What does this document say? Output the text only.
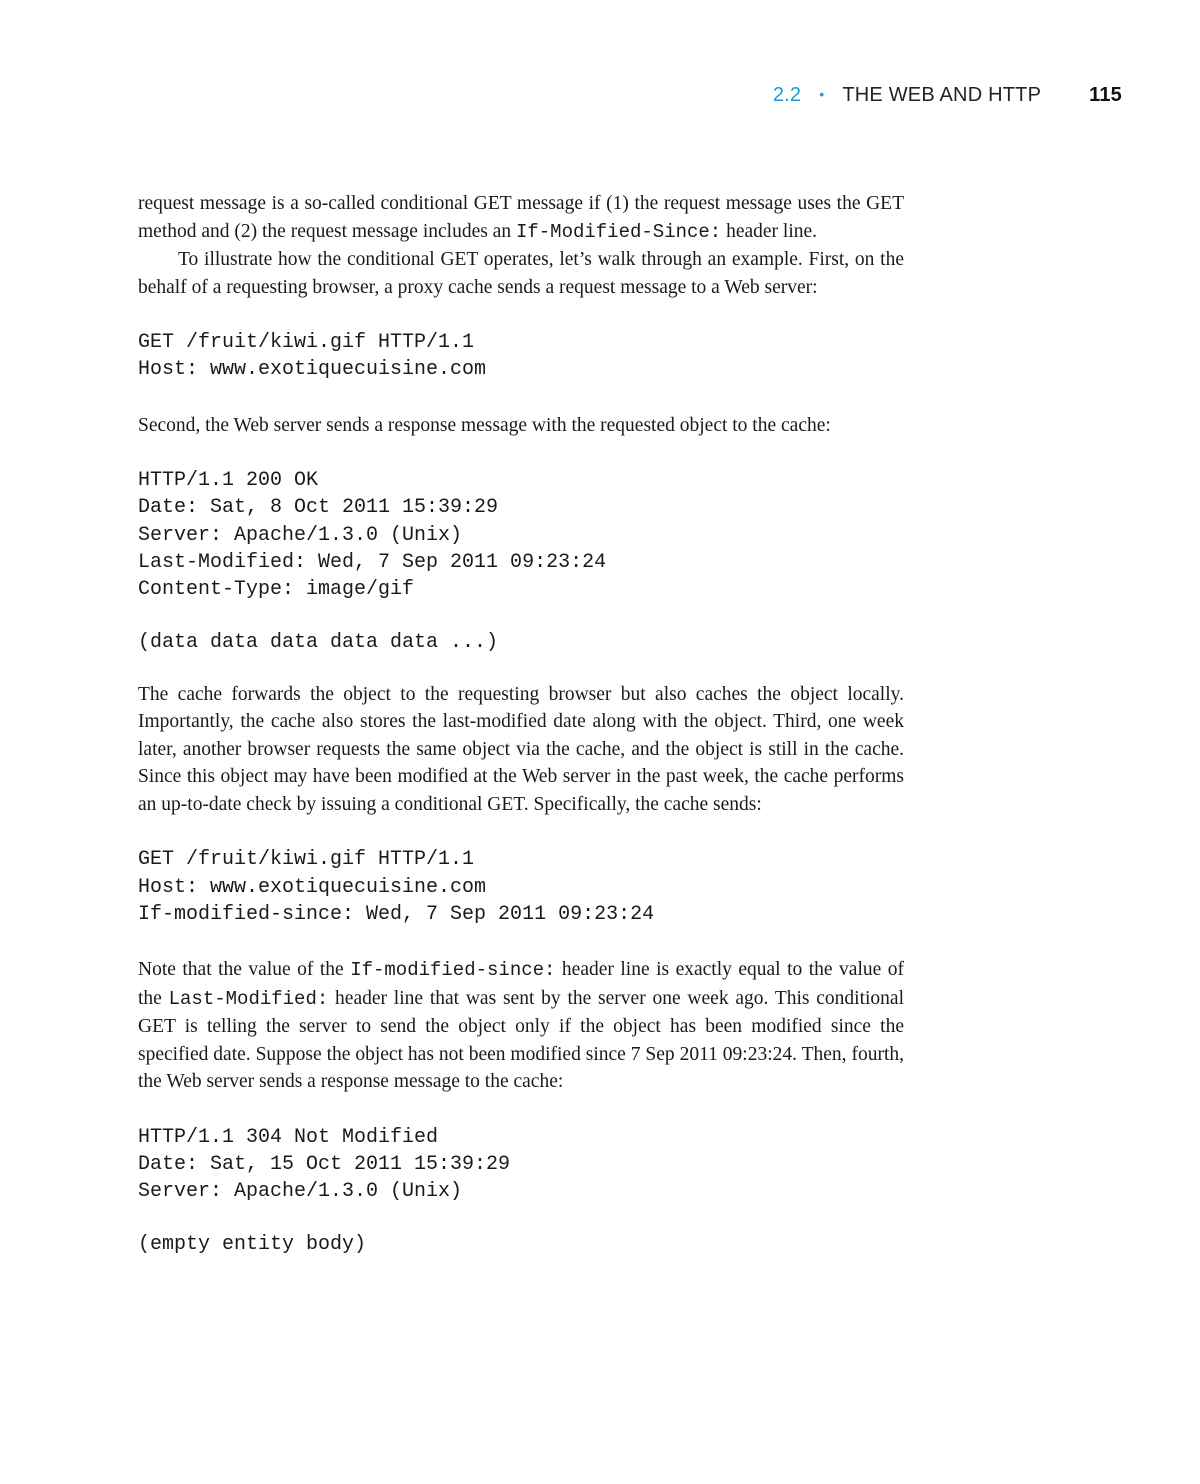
2.2 • THE WEB AND HTTP 115

request message is a so-called conditional GET message if (1) the request message uses the GET method and (2) the request message includes an If-Modified-Since: header line.

To illustrate how the conditional GET operates, let’s walk through an example. First, on the behalf of a requesting browser, a proxy cache sends a request message to a Web server:

GET /fruit/kiwi.gif HTTP/1.1
Host: www.exotiquecuisine.com

Second, the Web server sends a response message with the requested object to the cache:

HTTP/1.1 200 OK
Date: Sat, 8 Oct 2011 15:39:29
Server: Apache/1.3.0 (Unix)
Last-Modified: Wed, 7 Sep 2011 09:23:24
Content-Type: image/gif
(data data data data data ...)

The cache forwards the object to the requesting browser but also caches the object locally. Importantly, the cache also stores the last-modified date along with the object. Third, one week later, another browser requests the same object via the cache, and the object is still in the cache. Since this object may have been modified at the Web server in the past week, the cache performs an up-to-date check by issuing a conditional GET. Specifically, the cache sends:

GET /fruit/kiwi.gif HTTP/1.1
Host: www.exotiquecuisine.com
If-modified-since: Wed, 7 Sep 2011 09:23:24

Note that the value of the If-modified-since: header line is exactly equal to the value of the Last-Modified: header line that was sent by the server one week ago. This conditional GET is telling the server to send the object only if the object has been modified since the specified date. Suppose the object has not been modified since 7 Sep 2011 09:23:24. Then, fourth, the Web server sends a response message to the cache:

HTTP/1.1 304 Not Modified
Date: Sat, 15 Oct 2011 15:39:29
Server: Apache/1.3.0 (Unix)
(empty entity body)
